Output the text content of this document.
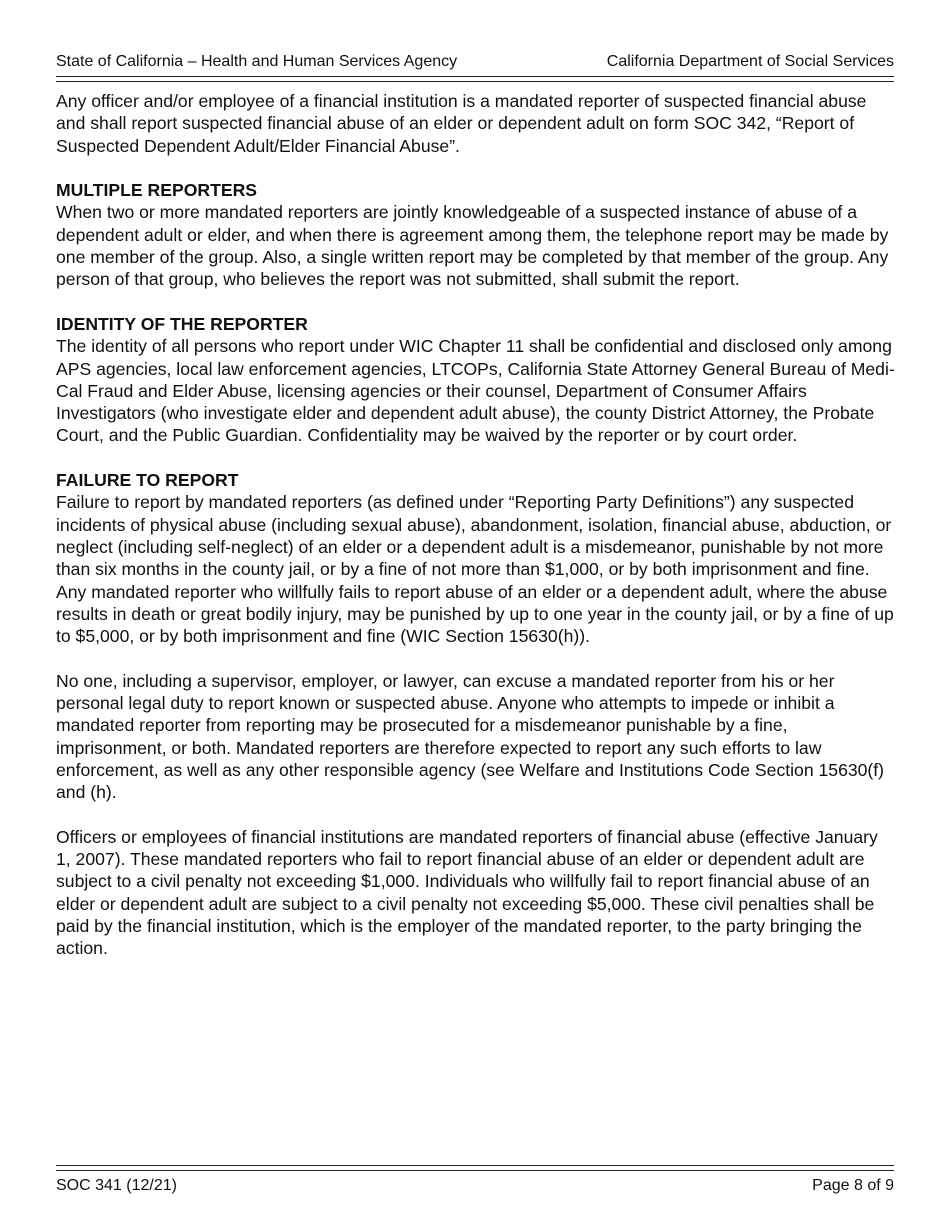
State of California – Health and Human Services Agency	California Department of Social Services

Any officer and/or employee of a financial institution is a mandated reporter of suspected financial abuse and shall report suspected financial abuse of an elder or dependent adult on form SOC 342, “Report of Suspected Dependent Adult/Elder Financial Abuse”.

MULTIPLE REPORTERS

When two or more mandated reporters are jointly knowledgeable of a suspected instance of abuse of a dependent adult or elder, and when there is agreement among them, the telephone report may be made by one member of the group. Also, a single written report may be completed by that member of the group. Any person of that group, who believes the report was not submitted, shall submit the report.

IDENTITY OF THE REPORTER

The identity of all persons who report under WIC Chapter 11 shall be confidential and disclosed only among APS agencies, local law enforcement agencies, LTCOPs, California State Attorney General Bureau of Medi-Cal Fraud and Elder Abuse, licensing agencies or their counsel, Department of Consumer Affairs Investigators (who investigate elder and dependent adult abuse), the county District Attorney, the Probate Court, and the Public Guardian. Confidentiality may be waived by the reporter or by court order.

FAILURE TO REPORT

Failure to report by mandated reporters (as defined under “Reporting Party Definitions”) any suspected incidents of physical abuse (including sexual abuse), abandonment, isolation, financial abuse, abduction, or neglect (including self-neglect) of an elder or a dependent adult is a misdemeanor, punishable by not more than six months in the county jail, or by a fine of not more than $1,000, or by both imprisonment and fine. Any mandated reporter who willfully fails to report abuse of an elder or a dependent adult, where the abuse results in death or great bodily injury, may be punished by up to one year in the county jail, or by a fine of up to $5,000, or by both imprisonment and fine (WIC Section 15630(h)).

No one, including a supervisor, employer, or lawyer, can excuse a mandated reporter from his or her personal legal duty to report known or suspected abuse. Anyone who attempts to impede or inhibit a mandated reporter from reporting may be prosecuted for a misdemeanor punishable by a fine, imprisonment, or both. Mandated reporters are therefore expected to report any such efforts to law enforcement, as well as any other responsible agency (see Welfare and Institutions Code Section 15630(f) and (h).

Officers or employees of financial institutions are mandated reporters of financial abuse (effective January 1, 2007). These mandated reporters who fail to report financial abuse of an elder or dependent adult are subject to a civil penalty not exceeding $1,000. Individuals who willfully fail to report financial abuse of an elder or dependent adult are subject to a civil penalty not exceeding $5,000. These civil penalties shall be paid by the financial institution, which is the employer of the mandated reporter, to the party bringing the action.

SOC 341 (12/21)	Page 8 of 9
